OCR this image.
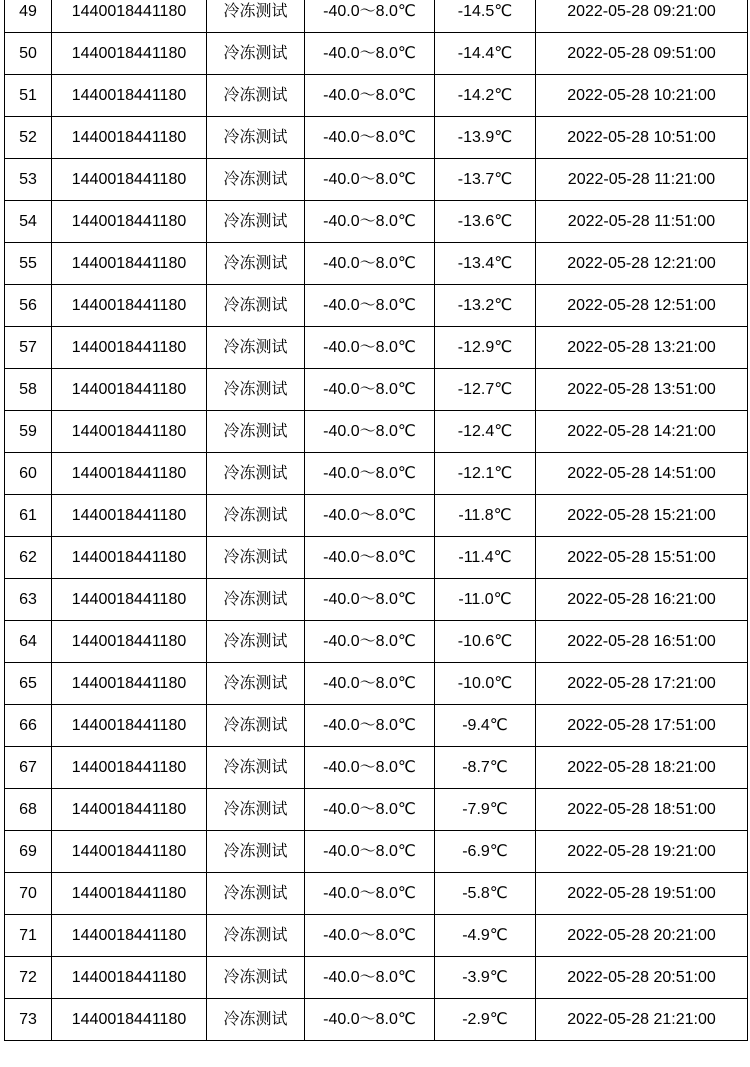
49	1440018441180	冷冻测试	-40.0～8.0℃	-14.5℃	2022-05-28 09:21:00
50	1440018441180	冷冻测试	-40.0～8.0℃	-14.4℃	2022-05-28 09:51:00
51	1440018441180	冷冻测试	-40.0～8.0℃	-14.2℃	2022-05-28 10:21:00
52	1440018441180	冷冻测试	-40.0～8.0℃	-13.9℃	2022-05-28 10:51:00
53	1440018441180	冷冻测试	-40.0～8.0℃	-13.7℃	2022-05-28 11:21:00
54	1440018441180	冷冻测试	-40.0～8.0℃	-13.6℃	2022-05-28 11:51:00
55	1440018441180	冷冻测试	-40.0～8.0℃	-13.4℃	2022-05-28 12:21:00
56	1440018441180	冷冻测试	-40.0～8.0℃	-13.2℃	2022-05-28 12:51:00
57	1440018441180	冷冻测试	-40.0～8.0℃	-12.9℃	2022-05-28 13:21:00
58	1440018441180	冷冻测试	-40.0～8.0℃	-12.7℃	2022-05-28 13:51:00
59	1440018441180	冷冻测试	-40.0～8.0℃	-12.4℃	2022-05-28 14:21:00
60	1440018441180	冷冻测试	-40.0～8.0℃	-12.1℃	2022-05-28 14:51:00
61	1440018441180	冷冻测试	-40.0～8.0℃	-11.8℃	2022-05-28 15:21:00
62	1440018441180	冷冻测试	-40.0～8.0℃	-11.4℃	2022-05-28 15:51:00
63	1440018441180	冷冻测试	-40.0～8.0℃	-11.0℃	2022-05-28 16:21:00
64	1440018441180	冷冻测试	-40.0～8.0℃	-10.6℃	2022-05-28 16:51:00
65	1440018441180	冷冻测试	-40.0～8.0℃	-10.0℃	2022-05-28 17:21:00
66	1440018441180	冷冻测试	-40.0～8.0℃	-9.4℃	2022-05-28 17:51:00
67	1440018441180	冷冻测试	-40.0～8.0℃	-8.7℃	2022-05-28 18:21:00
68	1440018441180	冷冻测试	-40.0～8.0℃	-7.9℃	2022-05-28 18:51:00
69	1440018441180	冷冻测试	-40.0～8.0℃	-6.9℃	2022-05-28 19:21:00
70	1440018441180	冷冻测试	-40.0～8.0℃	-5.8℃	2022-05-28 19:51:00
71	1440018441180	冷冻测试	-40.0～8.0℃	-4.9℃	2022-05-28 20:21:00
72	1440018441180	冷冻测试	-40.0～8.0℃	-3.9℃	2022-05-28 20:51:00
73	1440018441180	冷冻测试	-40.0～8.0℃	-2.9℃	2022-05-28 21:21:00
